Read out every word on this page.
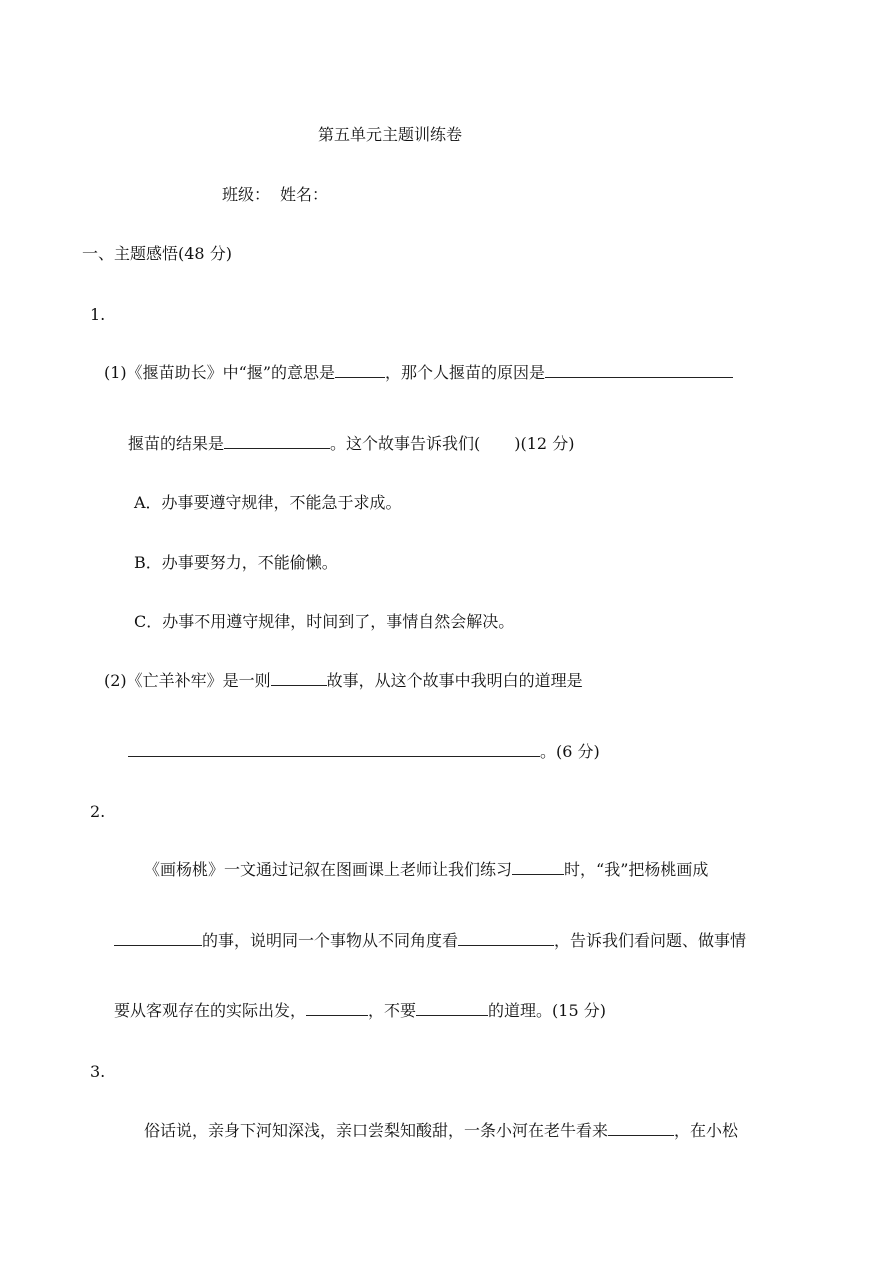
第五单元主题训练卷
班级： 姓名：
一、主题感悟(48 分)
1.
(1)《揠苗助长》中“揠”的意思是	，那个人揠苗的原因是
揠苗的结果是	。这个故事告诉我们( )(12 分)
A．办事要遵守规律，不能急于求成。
B．办事要努力，不能偷懒。
C．办事不用遵守规律，时间到了，事情自然会解决。
(2)《亡羊补牢》是一则	故事，从这个故事中我明白的道理是
。(6 分)
2.
《画杨桃》一文通过记叙在图画课上老师让我们练习	时，“我”把杨桃画成
的事，说明同一个事物从不同角度看	，告诉我们看问题、做事情
要从客观存在的实际出发，	，不要	的道理。(15 分)
3.
俗话说，亲身下河知深浅，亲口尝梨知酸甜，一条小河在老牛看来	，在小松
